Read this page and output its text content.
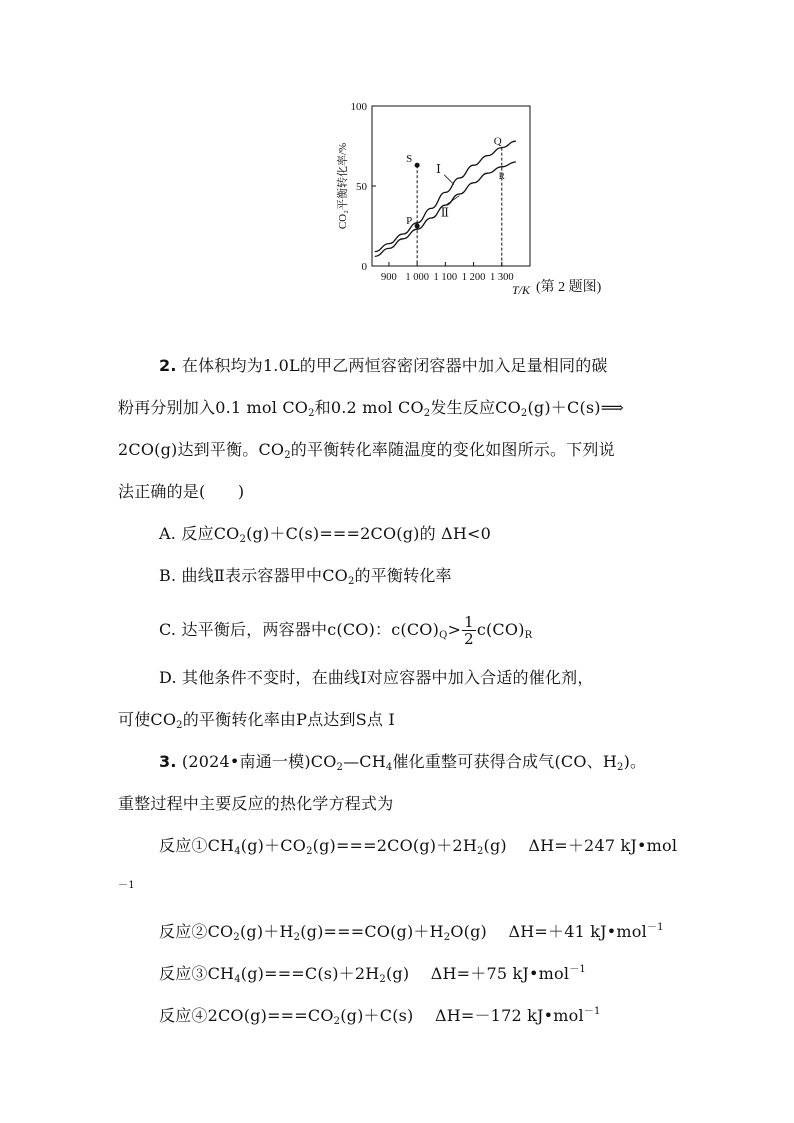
0
50
100
900 1 000 1 100 1 200 1 300
T/K (第 2 题图)
CO₂平衡转化率/%	S
P
Q
R
Ⅰ
Ⅱ
2. 在体积均为1.0L的甲乙两恒容密闭容器中加入足量相同的碳
粉再分别加入0.1 mol $CO_2$和0.2 mol $CO_2$发生反应$CO_2(g)+C(s)⟹$
2CO(g)达到平衡。$CO_2$的平衡转化率随温度的变化如图所示。下列说
法正确的是(　　)
A. 反应$CO_2(g)+C(s)===2CO(g)$的 ΔH<0
B. 曲线Ⅱ表示容器甲中$CO_2$的平衡转化率
C. 达平衡后，两容器中c(CO)：$c(CO)_Q> \frac{1}{2} c(CO)_R$
D. 其他条件不变时，在曲线Ⅰ对应容器中加入合适的催化剂，
可使$CO_2$的平衡转化率由P点达到S点 I
3. (2024•南通一模)$CO_2—CH_4$催化重整可获得合成气(CO、$H_2$)。
重整过程中主要反应的热化学方程式为
反应$①CH_4(g)+CO_2(g)===2CO(g)+2H_2(g)$　 ΔH=＋247 kJ•mol
－1
反应$②CO_2(g)+H_2(g)===CO(g)+H_2O(g)$　 ΔH=＋41 kJ•mol$^{-1}$
反应$③CH_4(g)===C(s)+2H_2(g)$　 ΔH=＋75 kJ•mol$^{-1}$
反应$④2CO(g)===CO_2(g)+C(s)$　 ΔH=－172 kJ•mol$^{-1}$
